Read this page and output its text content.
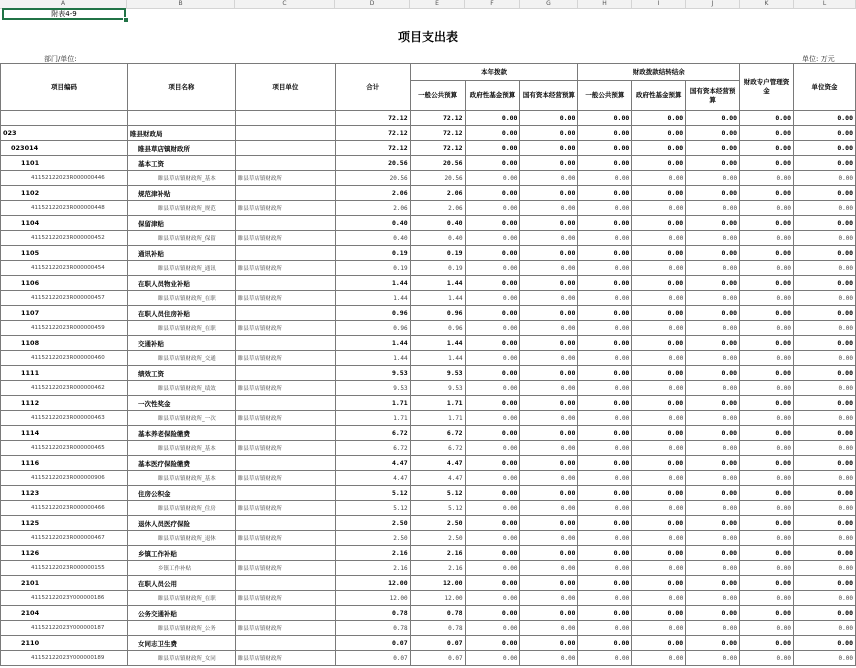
A	B	C	D	E	F	G	H	I	J	K	L
附表4-9
项目支出表
部门/单位:	单位: 万元
项目编码	项目名称	项目单位	合计	本年拨款			财政拨款结转结余			财政专户管理资金	单位资金
				一般公共预算	政府性基金预算	国有资本经营预算	一般公共预算	政府性基金预算	国有资本经营预算		
			72.12	72.12	0.00	0.00	0.00	0.00	0.00	0.00	0.00
023	睢县财政局		72.12	72.12	0.00	0.00	0.00	0.00	0.00	0.00	0.00
023014	睢县草店镇财政所		72.12	72.12	0.00	0.00	0.00	0.00	0.00	0.00	0.00
1101	基本工资		20.56	20.56	0.00	0.00	0.00	0.00	0.00	0.00	0.00
41152122023R000000446	睢县草店镇财政所_基本	睢县草店镇财政所	20.56	20.56	0.00	0.00	0.00	0.00	0.00	0.00	0.00
1102	规范津补贴		2.06	2.06	0.00	0.00	0.00	0.00	0.00	0.00	0.00
41152122023R000000448	睢县草店镇财政所_规范	睢县草店镇财政所	2.06	2.06	0.00	0.00	0.00	0.00	0.00	0.00	0.00
1104	保留津贴		0.40	0.40	0.00	0.00	0.00	0.00	0.00	0.00	0.00
41152122023R000000452	睢县草店镇财政所_保留	睢县草店镇财政所	0.40	0.40	0.00	0.00	0.00	0.00	0.00	0.00	0.00
1105	通讯补贴		0.19	0.19	0.00	0.00	0.00	0.00	0.00	0.00	0.00
41152122023R000000454	睢县草店镇财政所_通讯	睢县草店镇财政所	0.19	0.19	0.00	0.00	0.00	0.00	0.00	0.00	0.00
1106	在职人员物业补贴		1.44	1.44	0.00	0.00	0.00	0.00	0.00	0.00	0.00
41152122023R000000457	睢县草店镇财政所_在职	睢县草店镇财政所	1.44	1.44	0.00	0.00	0.00	0.00	0.00	0.00	0.00
1107	在职人员住房补贴		0.96	0.96	0.00	0.00	0.00	0.00	0.00	0.00	0.00
41152122023R000000459	睢县草店镇财政所_在职	睢县草店镇财政所	0.96	0.96	0.00	0.00	0.00	0.00	0.00	0.00	0.00
1108	交通补贴		1.44	1.44	0.00	0.00	0.00	0.00	0.00	0.00	0.00
41152122023R000000460	睢县草店镇财政所_交通	睢县草店镇财政所	1.44	1.44	0.00	0.00	0.00	0.00	0.00	0.00	0.00
1111	绩效工资		9.53	9.53	0.00	0.00	0.00	0.00	0.00	0.00	0.00
41152122023R000000462	睢县草店镇财政所_绩效	睢县草店镇财政所	9.53	9.53	0.00	0.00	0.00	0.00	0.00	0.00	0.00
1112	一次性奖金		1.71	1.71	0.00	0.00	0.00	0.00	0.00	0.00	0.00
41152122023R000000463	睢县草店镇财政所_一次	睢县草店镇财政所	1.71	1.71	0.00	0.00	0.00	0.00	0.00	0.00	0.00
1114	基本养老保险缴费		6.72	6.72	0.00	0.00	0.00	0.00	0.00	0.00	0.00
41152122023R000000465	睢县草店镇财政所_基本	睢县草店镇财政所	6.72	6.72	0.00	0.00	0.00	0.00	0.00	0.00	0.00
1116	基本医疗保险缴费		4.47	4.47	0.00	0.00	0.00	0.00	0.00	0.00	0.00
41152122023R000000906	睢县草店镇财政所_基本	睢县草店镇财政所	4.47	4.47	0.00	0.00	0.00	0.00	0.00	0.00	0.00
1123	住房公积金		5.12	5.12	0.00	0.00	0.00	0.00	0.00	0.00	0.00
41152122023R000000466	睢县草店镇财政所_住房	睢县草店镇财政所	5.12	5.12	0.00	0.00	0.00	0.00	0.00	0.00	0.00
1125	退休人员医疗保险		2.50	2.50	0.00	0.00	0.00	0.00	0.00	0.00	0.00
41152122023R000000467	睢县草店镇财政所_退休	睢县草店镇财政所	2.50	2.50	0.00	0.00	0.00	0.00	0.00	0.00	0.00
1126	乡镇工作补贴		2.16	2.16	0.00	0.00	0.00	0.00	0.00	0.00	0.00
41152122023R000000155	乡镇工作补贴	睢县草店镇财政所	2.16	2.16	0.00	0.00	0.00	0.00	0.00	0.00	0.00
2101	在职人员公用		12.00	12.00	0.00	0.00	0.00	0.00	0.00	0.00	0.00
41152122023Y000000186	睢县草店镇财政所_在职	睢县草店镇财政所	12.00	12.00	0.00	0.00	0.00	0.00	0.00	0.00	0.00
2104	公务交通补贴		0.78	0.78	0.00	0.00	0.00	0.00	0.00	0.00	0.00
41152122023Y000000187	睢县草店镇财政所_公务	睢县草店镇财政所	0.78	0.78	0.00	0.00	0.00	0.00	0.00	0.00	0.00
2110	女同志卫生费		0.07	0.07	0.00	0.00	0.00	0.00	0.00	0.00	0.00
41152122023Y000000189	睢县草店镇财政所_女同	睢县草店镇财政所	0.07	0.07	0.00	0.00	0.00	0.00	0.00	0.00	0.00
